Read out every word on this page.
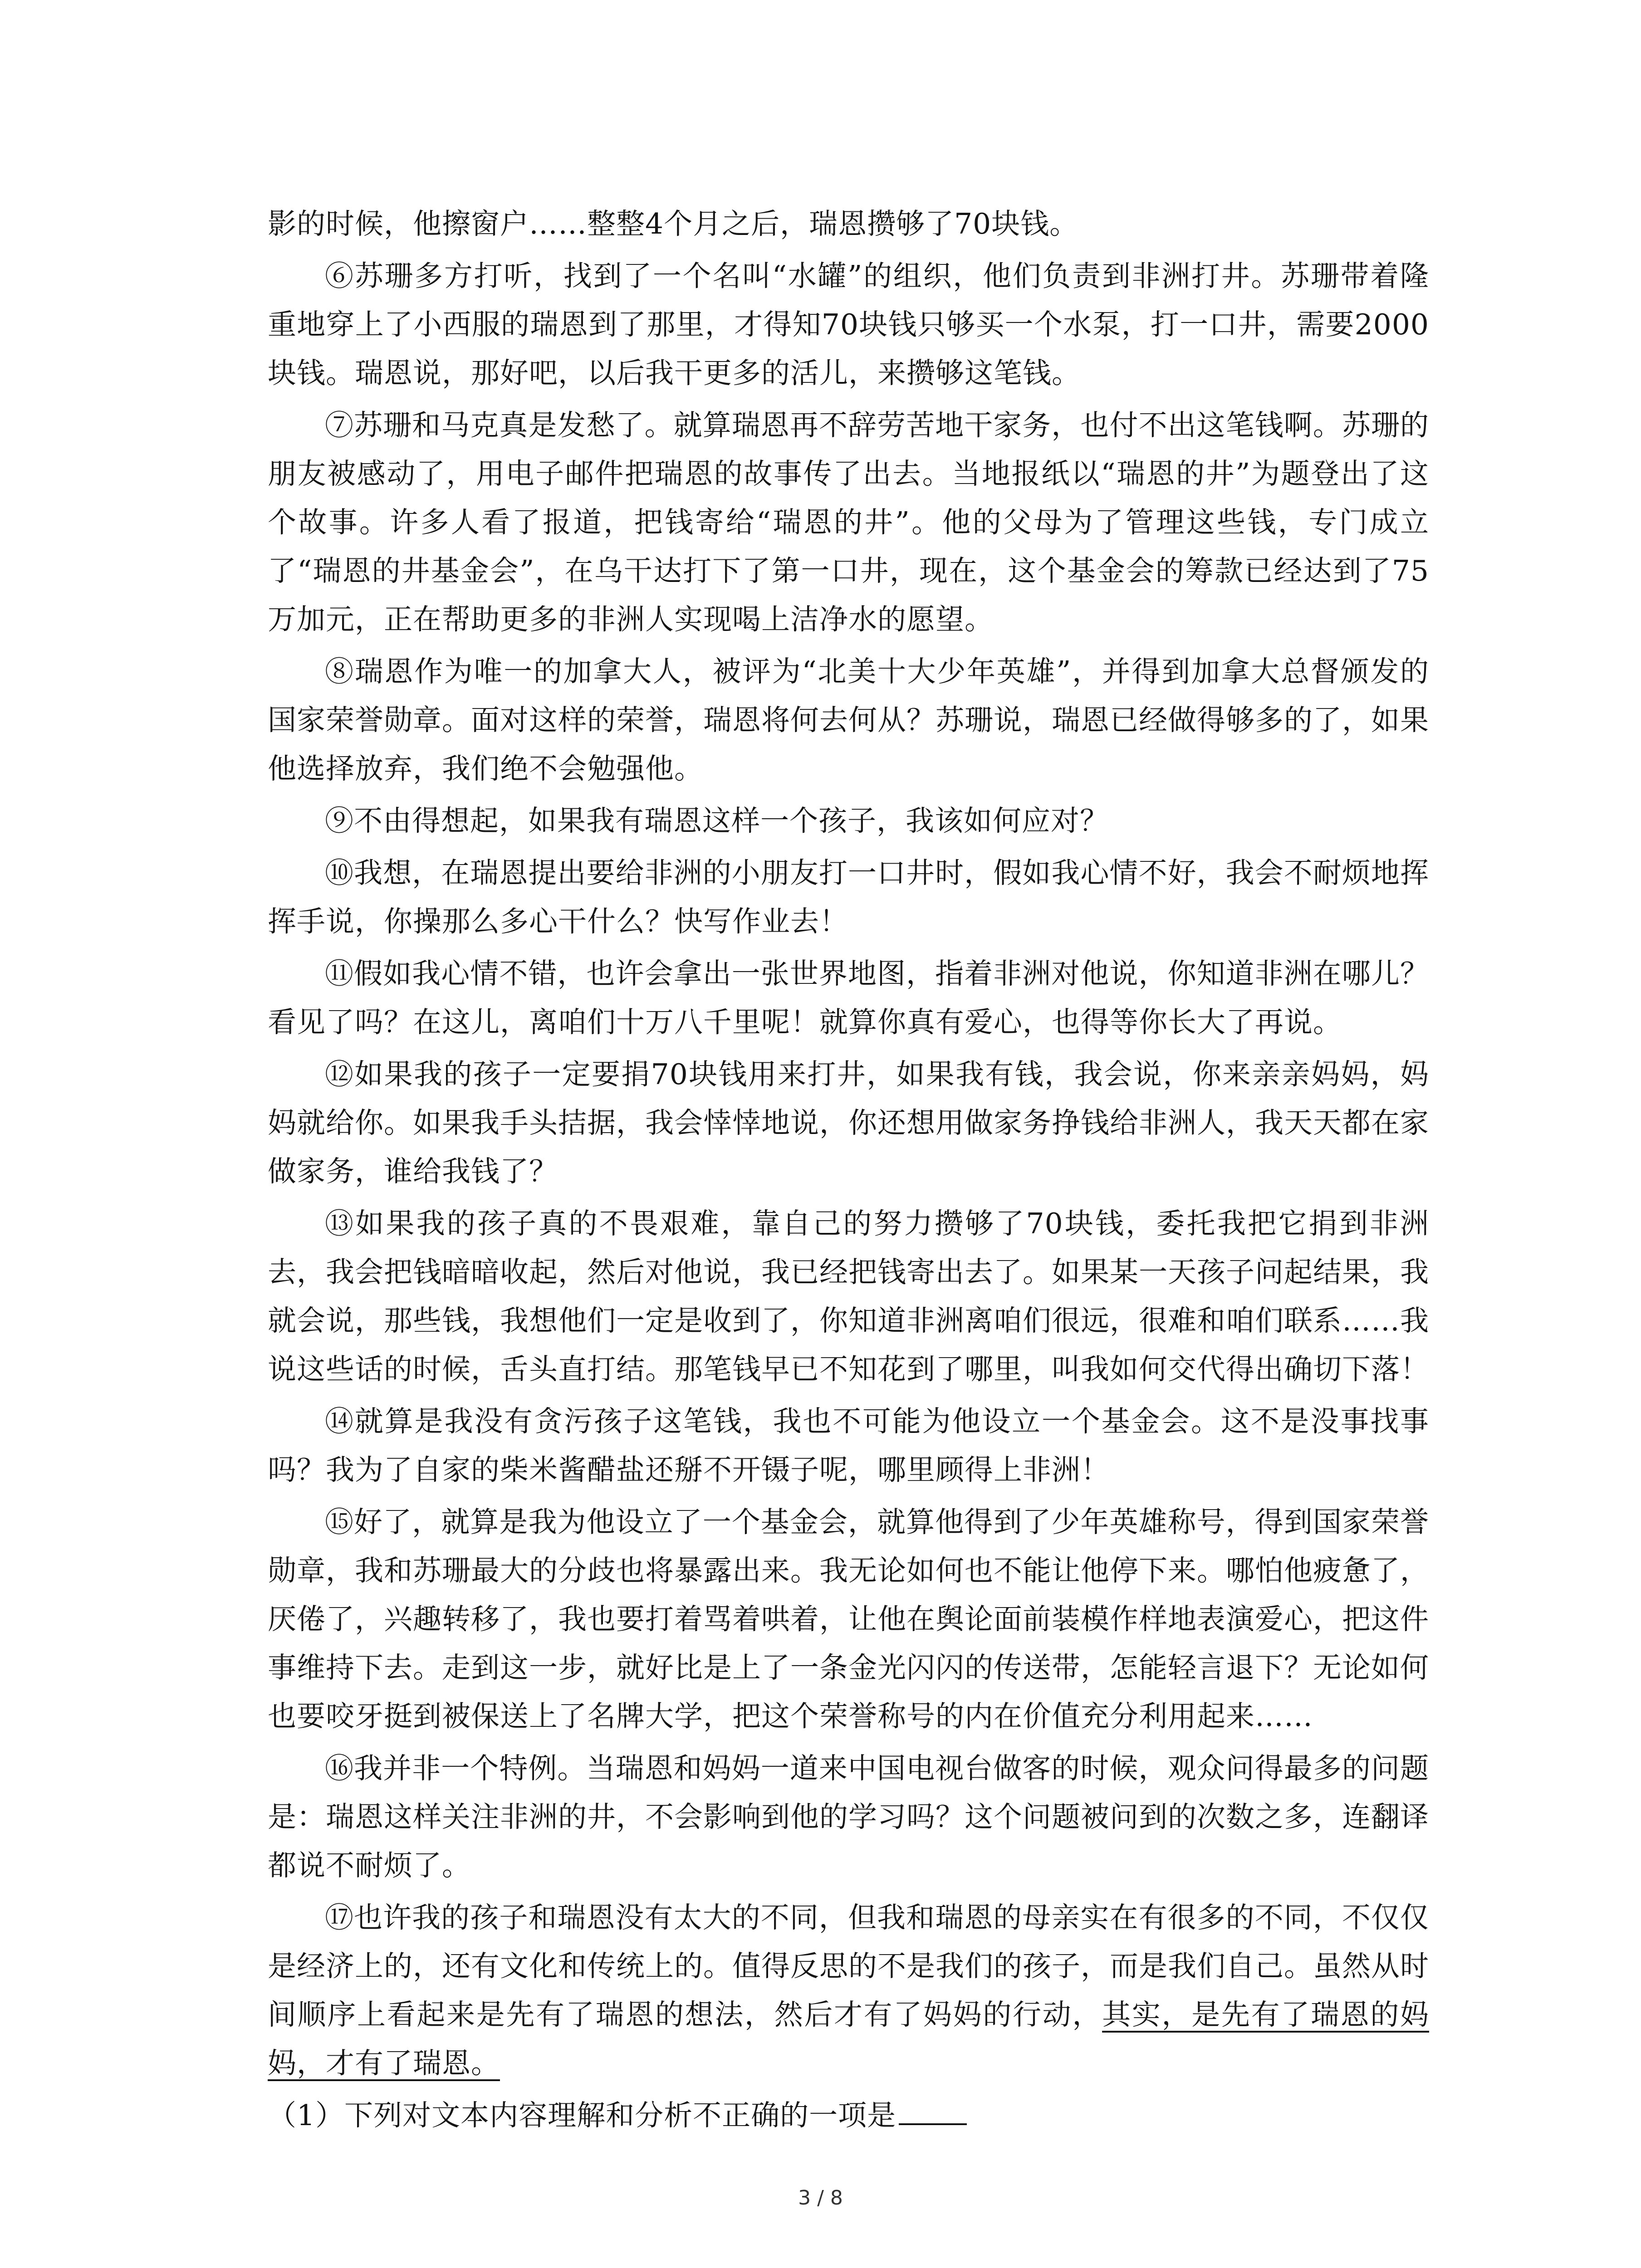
影的时候，他擦窗户……整整4个月之后，瑞恩攒够了70块钱。

⑥苏珊多方打听，找到了一个名叫“水罐”的组织，他们负责到非洲打井。苏珊带着隆重地穿上了小西服的瑞恩到了那里，才得知70块钱只够买一个水泵，打一口井，需要2000块钱。瑞恩说，那好吧，以后我干更多的活儿，来攒够这笔钱。

⑦苏珊和马克真是发愁了。就算瑞恩再不辞劳苦地干家务，也付不出这笔钱啊。苏珊的朋友被感动了，用电子邮件把瑞恩的故事传了出去。当地报纸以“瑞恩的井”为题登出了这个故事。许多人看了报道，把钱寄给“瑞恩的井”。他的父母为了管理这些钱，专门成立了“瑞恩的井基金会”，在乌干达打下了第一口井，现在，这个基金会的筹款已经达到了75万加元，正在帮助更多的非洲人实现喝上洁净水的愿望。

⑧瑞恩作为唯一的加拿大人，被评为“北美十大少年英雄”，并得到加拿大总督颁发的国家荣誉勋章。面对这样的荣誉，瑞恩将何去何从？苏珊说，瑞恩已经做得够多的了，如果他选择放弃，我们绝不会勉强他。

⑨不由得想起，如果我有瑞恩这样一个孩子，我该如何应对？

⑩我想，在瑞恩提出要给非洲的小朋友打一口井时，假如我心情不好，我会不耐烦地挥挥手说，你操那么多心干什么？快写作业去！

⑪假如我心情不错，也许会拿出一张世界地图，指着非洲对他说，你知道非洲在哪儿？看见了吗？在这儿，离咱们十万八千里呢！就算你真有爱心，也得等你长大了再说。

⑫如果我的孩子一定要捐70块钱用来打井，如果我有钱，我会说，你来亲亲妈妈，妈妈就给你。如果我手头拮据，我会悻悻地说，你还想用做家务挣钱给非洲人，我天天都在家做家务，谁给我钱了？

⑬如果我的孩子真的不畏艰难，靠自己的努力攒够了70块钱，委托我把它捐到非洲去，我会把钱暗暗收起，然后对他说，我已经把钱寄出去了。如果某一天孩子问起结果，我就会说，那些钱，我想他们一定是收到了，你知道非洲离咱们很远，很难和咱们联系……我说这些话的时候，舌头直打结。那笔钱早已不知花到了哪里，叫我如何交代得出确切下落！

⑭就算是我没有贪污孩子这笔钱，我也不可能为他设立一个基金会。这不是没事找事吗？我为了自家的柴米酱醋盐还掰不开镊子呢，哪里顾得上非洲！

⑮好了，就算是我为他设立了一个基金会，就算他得到了少年英雄称号，得到国家荣誉勋章，我和苏珊最大的分歧也将暴露出来。我无论如何也不能让他停下来。哪怕他疲惫了，厌倦了，兴趣转移了，我也要打着骂着哄着，让他在舆论面前装模作样地表演爱心，把这件事维持下去。走到这一步，就好比是上了一条金光闪闪的传送带，怎能轻言退下？无论如何也要咬牙挺到被保送上了名牌大学，把这个荣誉称号的内在价值充分利用起来……

⑯我并非一个特例。当瑞恩和妈妈一道来中国电视台做客的时候，观众问得最多的问题是：瑞恩这样关注非洲的井，不会影响到他的学习吗？这个问题被问到的次数之多，连翻译都说不耐烦了。

⑰也许我的孩子和瑞恩没有太大的不同，但我和瑞恩的母亲实在有很多的不同，不仅仅是经济上的，还有文化和传统上的。值得反思的不是我们的孩子，而是我们自己。虽然从时间顺序上看起来是先有了瑞恩的想法，然后才有了妈妈的行动，其实，是先有了瑞恩的妈妈，才有了瑞恩。

（1）下列对文本内容理解和分析不正确的一项是

3 / 8
